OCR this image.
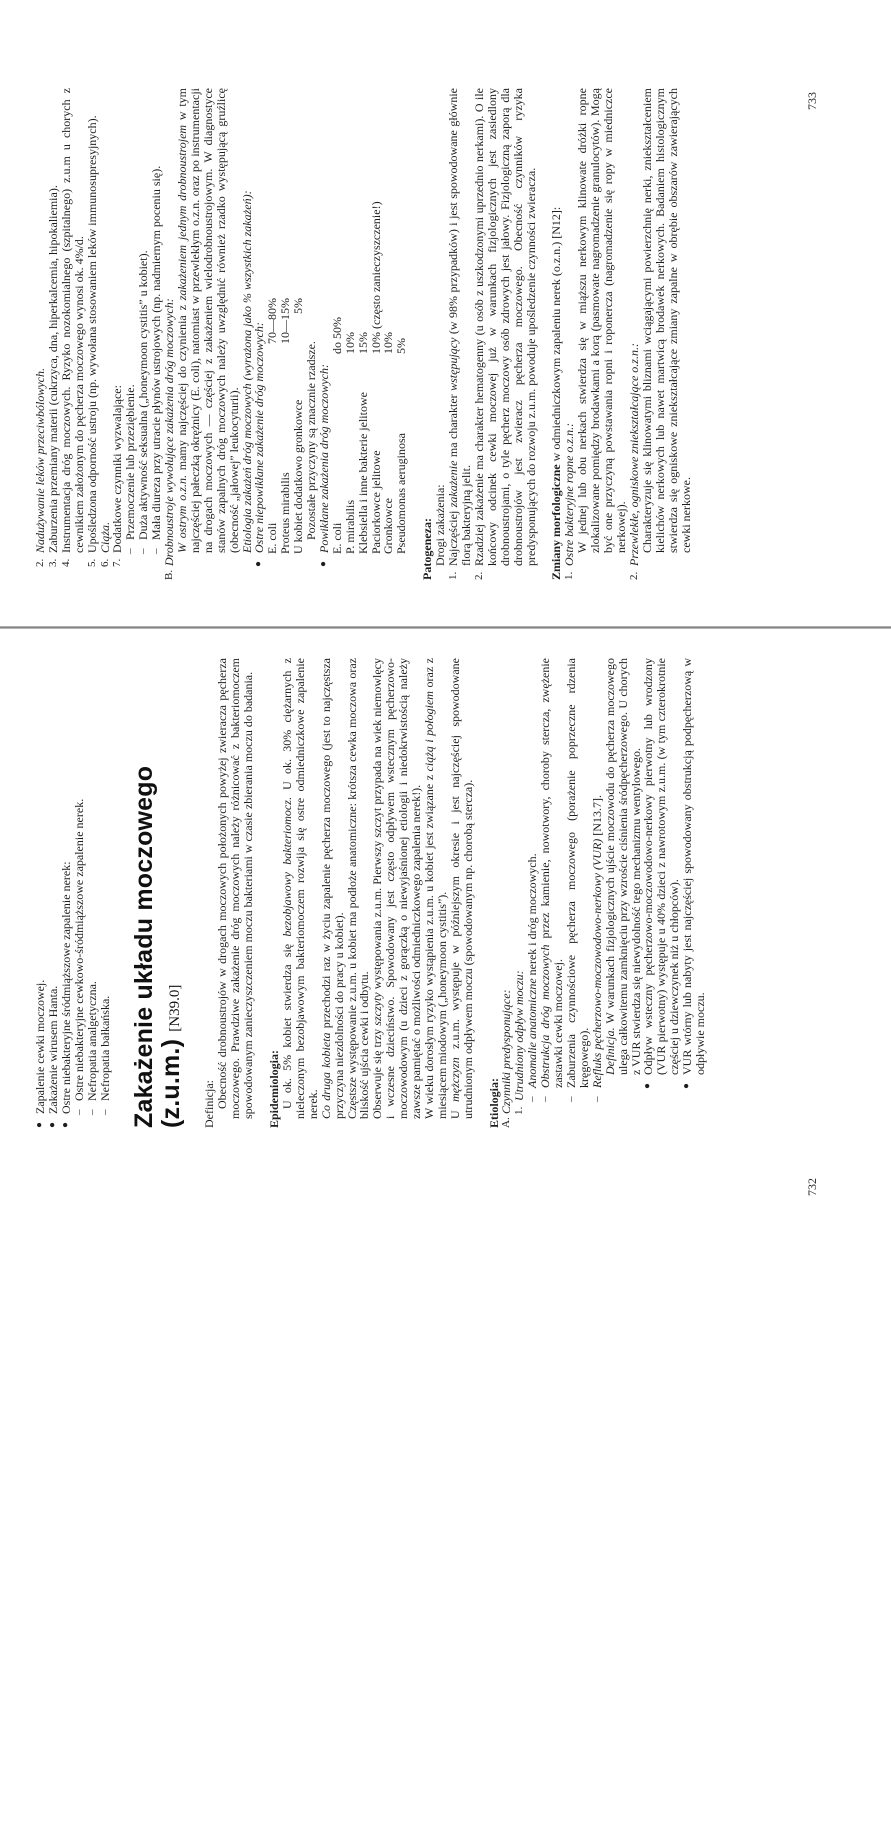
●
Zapalenie cewki moczowej.
●
Zakażenie wirusem Hanta.
●
Ostre niebakteryjne śródmiąższowe zapalenie nerek: –
Ostre niebakteryjne cewkowo-śródmiąższowe zapalenie nerek.
–
Nefropatia analgetyczna.
–
Nefropatia bałkańska. Zakażenie układu moczowego (z.u.m.) [N39.0]
Definicja:
Obecność drobnoustrojów w drogach moczowych położonych powyżej zwieracza pęcherza moczowego. Prawdziwe zakażenie dróg moczowych należy różnicować z bakteriomoczem spowodowanym zanieczyszczeniem moczu bakteriami w czasie zbierania moczu do badania. Epidemiologia:
U ok. 5% kobiet stwierdza się bezobjawowy bakteriomocz. U ok. 30% ciężarnych z nieleczonym bezobjawowym bakteriomoczem rozwija się ostre odmiedniczkowe zapalenie nerek.
Co druga kobieta przechodzi raz w życiu zapalenie pęcherza moczowego (jest to najczęstsza przyczyna niezdolności do pracy u kobiet).
Częstsze występowanie z.u.m. u kobiet ma podłoże anatomiczne: krótsza cewka moczowa oraz bliskość ujścia cewki i odbytu.
Obserwuje się trzy szczyty występowania z.u.m. Pierwszy szczyt przypada na wiek niemowlęcy i wczesne dzieciństwo. Spowodowany jest często odpływem wstecznym pęcherzowo-moczowodowym (u dzieci z gorączką o niewyjaśnionej etiologii i niedokrwistością należy zawsze pamiętać o możliwości odmiedniczkowego zapalenia nerek!).
W wieku dorosłym ryzyko wystąpienia z.u.m. u kobiet jest związane z ciążą i połogiem oraz z miesiącem miodowym („honeymoon cystitis”).
U mężczyzn z.u.m. występuje w późniejszym okresie i jest najczęściej spowodowane utrudnionym odpływem moczu (spowodowanym np. chorobą stercza). Etiologia: A.
Czynniki predysponujące: 1.
Utrudniony odpływ moczu: –
Anomalie anatomiczne nerek i dróg moczowych.
–
Obstrukcja dróg moczowych przez kamienie, nowotwory, choroby stercza, zwężenie zastawki cewki moczowej.
–
Zaburzenia czynnościowe pęcherza moczowego (porażenie poprzeczne rdzenia kręgowego).
–
Refluks pęcherzowo-moczowodowo-nerkowy (VUR) [N13.7].
Definicja. W warunkach fizjologicznych ujście moczowodu do pęcherza moczowego ulega całkowitemu zamknięciu przy wzroście ciśnienia śródpęcherzowego. U chorych z VUR stwierdza się niewydolność tego mechanizmu wentylowego.
●
Odpływ wsteczny pęcherzowo-moczowodowo-nerkowy pierwotny lub wrodzony (VUR pierwotny) występuje u 40% dzieci z nawrotowym z.u.m. (w tym czterokrotnie częściej u dziewczynek niż u chłopców).
●
VUR wtórny lub nabyty jest najczęściej spowodowany obstrukcją podpęcherzową w odpływie moczu.
2.
Nadużywanie leków przeciwbólowych.
3.
Zaburzenia przemiany materii (cukrzyca, dna, hiperkalcemia, hipokaliemia).
4.
Instrumentacja dróg moczowych. Ryzyko nozokomialnego (szpitalnego) z.u.m u chorych z cewnikiem założonym do pęcherza moczowego wynosi ok. 4%/d.
5.
Upośledzona odporność ustroju (np. wywołana stosowaniem leków immunosupresyjnych).
6.
Ciąża.
7.
Dodatkowe czynniki wyzwalające: –
Przemoczenie lub przeziębienie.
–
Duża aktywność seksualna („honeymoon cystitis” u kobiet).
–
Mała diureza przy utracie płynów ustrojowych (np. nadmiernym poceniu się).
B.
Drobnoustroje wywołujące zakażenia dróg moczowych:
W ostrym o.z.n. mamy najczęściej do czynienia z zakażeniem jednym drobnoustrojem w tym najczęściej pałeczką okrężnicy (E. coli), natomiast w przewlekłym o.z.n. oraz po instrumentacji na drogach moczowych — częściej z zakażeniem wielodrobnoustrojowym. W diagnostyce stanów zapalnych dróg moczowych należy uwzględnić również rzadko występującą gruźlicę (obecność „jałowej” leukocyturii).
Etiologia zakażeń dróg moczowych (wyrażona jako % wszystkich zakażeń):
●
Ostre niepowikłane zakażenie dróg moczowych:
E. coli
70—80%
Proteus mirabilis
10—15%
U kobiet dodatkowo gronkowce
5%
Pozostałe przyczyny są znacznie rzadsze.
●
Powikłane zakażenia dróg moczowych:
E. coli
do 50%
P. mirabilis
10%
Klebsiella i inne bakterie jelitowe
15%
Paciorkowce jelitowe
10% (często zanieczyszczenie!)
Gronkowce
10%
Pseudomonas aeruginosa
5%
Patogeneza:
Drogi zakażenia:
1.
Najczęściej zakażenie ma charakter wstępujący (w 98% przypadków) i jest spowodowane głównie florą bakteryjną jelit.
2.
Rzadziej zakażenie ma charakter hematogenny (u osób z uszkodzonymi uprzednio nerkami). O ile końcowy odcinek cewki moczowej już w warunkach fizjologicznych jest zasiedlony drobnoustrojami, o tyle pęcherz moczowy osób zdrowych jest jałowy. Fizjologiczną zaporą dla drobnoustrojów jest zwieracz pęcherza moczowego. Obecność czynników ryzyka predysponujących do rozwoju z.u.m. powoduje upośledzenie czynności zwieracza. Zmiany morfologiczne w odmiedniczkowym zapaleniu nerek (o.z.n.) [N12]:
1.
Ostre bakteryjne ropne o.z.n.:
W jednej lub obu nerkach stwierdza się w miąższu nerkowym klinowate dróżki ropne zlokalizowane pomiędzy brodawkami a korą (pasmowate nagromadzenie granulocytów). Mogą być one przyczyną powstawania ropni i roponercza (nagromadzenie się ropy w miedniczce nerkowej).
2.
Przewlekłe, ogniskowe zniekształcające o.z.n.:
Charakteryzuje się klinowatymi bliznami wciągającymi powierzchnię nerki, zniekształceniem kielichów nerkowych lub nawet martwicą brodawek nerkowych. Badaniem histologicznym stwierdza się ogniskowe zniekształcające zmiany zapalne w obrębie obszarów zawierających cewki nerkowe.
732
733
